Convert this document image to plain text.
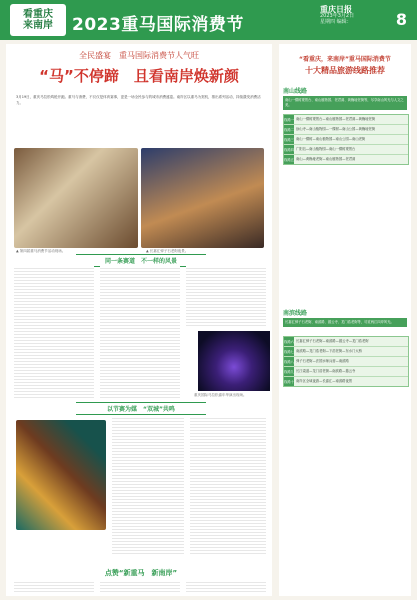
看重庆
来南岸 2023重马国际消费节
重庆日报
2023年3月2日
星期四 编辑：	8
全民盛宴　重马国际消费节人气旺
“马”不停蹄　且看南岸焕新颜
3月19日，重庆马拉松鸣枪开跑。重马与消费，不仅仅是体育赛事，更是一场全民参与的城市消费盛宴。南岸区以重马为契机，推出系列活动，持续激发消费活力。
▲ 第四届重马消费节活动现场。	▲ 长嘉汇弹子石老街夜景。
同一条赛道　不一样的风景
重庆国际马拉松嘉年华演出现场。
以节赛为媒　“双城”共鸣
点赞“新重马　新南岸”
“看重庆，来南岸”重马国际消费节
十大精品旅游线路推荐
南山线路
南山一棵树观景台、南山植物园、老君洞、黄桷垭老街等，尽享南山风光与人文之美。
线路一 南山一棵树观景台—南山植物园—老君洞—黄桷垭老街
线路二 涂山寺—南山植物园—一棵树—南山公园—黄桷垭老街
线路三 南山一棵树—南山植物园—南山公园—南山老街
线路四 广阳岛—南山植物园—南山一棵树观景台
线路五 南山—黄桷垭老街—南山植物园—老君洞
南滨线路
长嘉汇弹子石老街、南滨路、慈云寺、龙门浩老街等，尽览两江四岸风光。
线路六 长嘉汇弹子石老街—南滨路—慈云寺—龙门浩老街
线路七 南滨路—龙门浩老街—下浩老街—东水门大桥
线路八 弹子石老街—法国水师兵营—南滨路
线路九 长江索道—龙门浩老街—南滨路—慈云寺
线路十 南岸区全域夜游—长嘉汇—南滨路夜景
